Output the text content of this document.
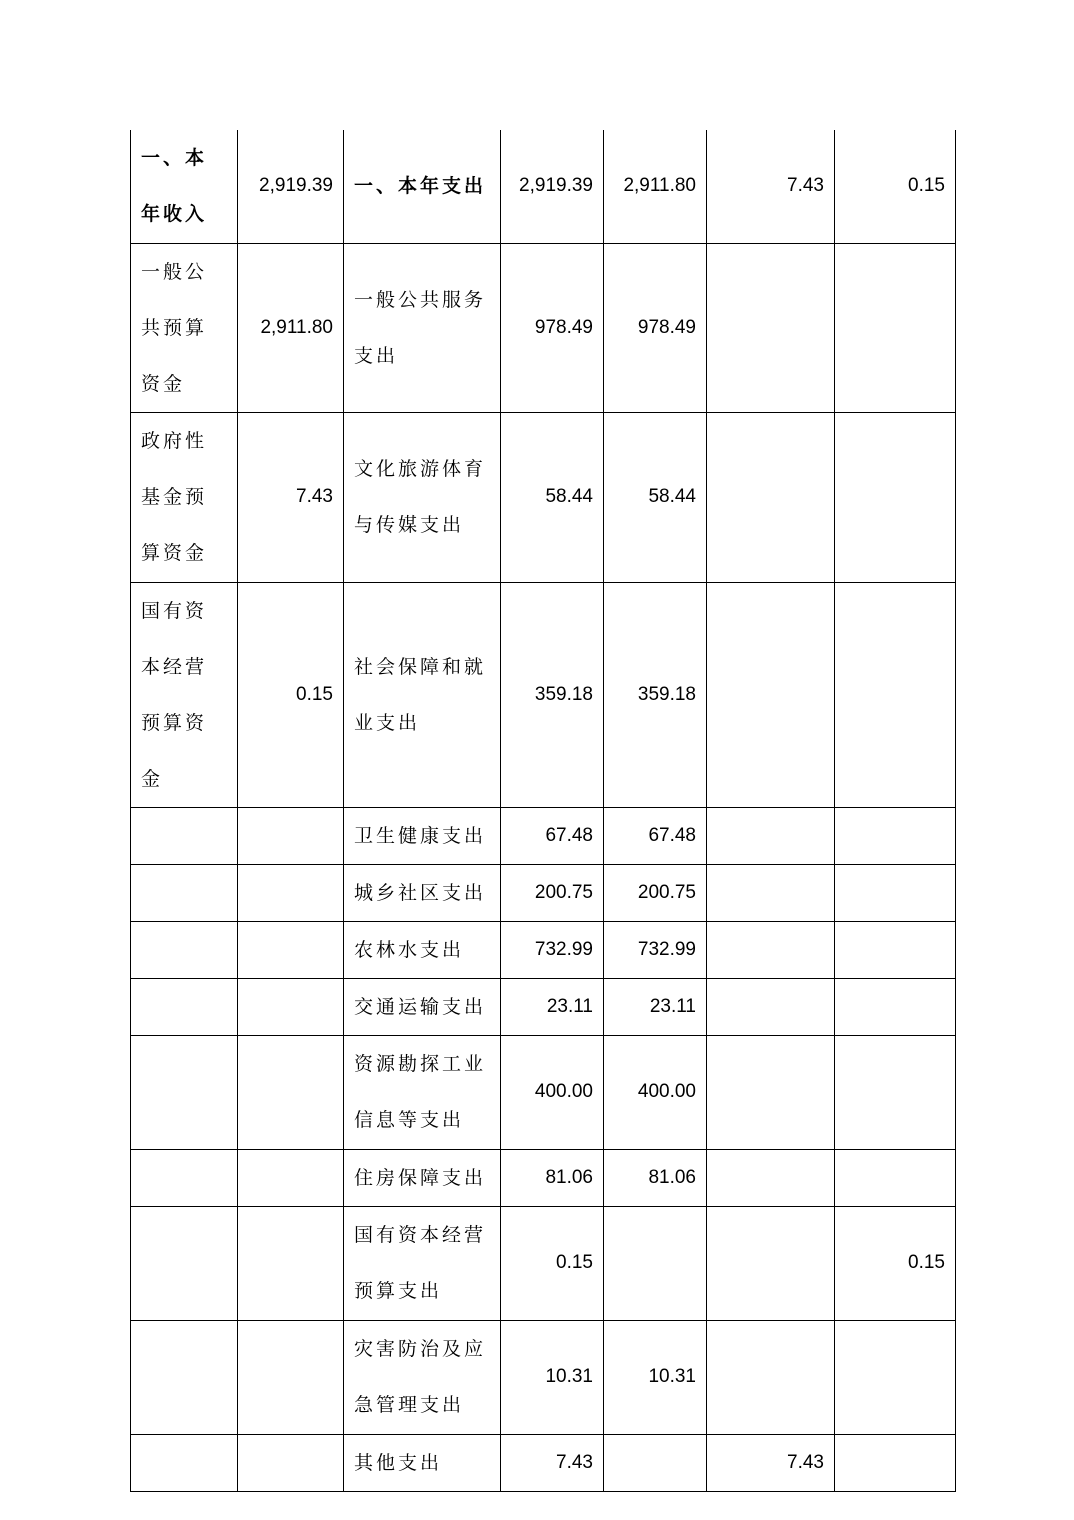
一、本年收入	2,919.39	一、本年支出	2,919.39	2,911.80	7.43	0.15
一般公共预算资金	2,911.80	一般公共服务支出	978.49	978.49		
政府性基金预算资金	7.43	文化旅游体育与传媒支出	58.44	58.44		
国有资本经营预算资金	0.15	社会保障和就业支出	359.18	359.18		
		卫生健康支出	67.48	67.48		
		城乡社区支出	200.75	200.75		
		农林水支出	732.99	732.99		
		交通运输支出	23.11	23.11		
		资源勘探工业信息等支出	400.00	400.00		
		住房保障支出	81.06	81.06		
		国有资本经营预算支出	0.15			0.15
		灾害防治及应急管理支出	10.31	10.31		
		其他支出	7.43		7.43	
